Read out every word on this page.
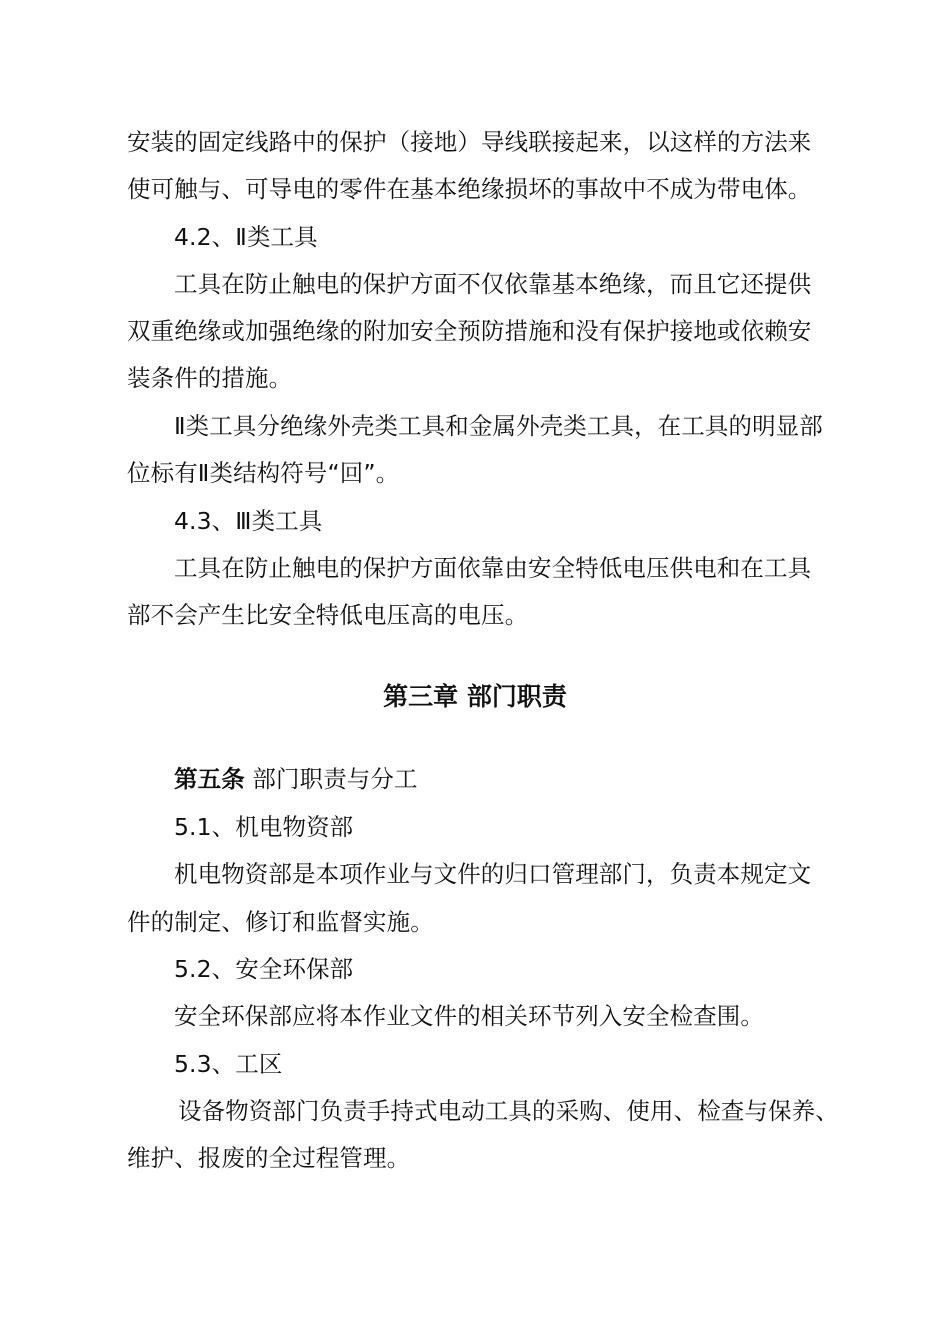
安装的固定线路中的保护（接地）导线联接起来，以这样的方法来
使可触与、可导电的零件在基本绝缘损坏的事故中不成为带电体。
4.2、Ⅱ类工具
工具在防止触电的保护方面不仅依靠基本绝缘，而且它还提供
双重绝缘或加强绝缘的附加安全预防措施和没有保护接地或依赖安
装条件的措施。
Ⅱ类工具分绝缘外壳类工具和金属外壳类工具，在工具的明显部
位标有Ⅱ类结构符号“回”。
4.3、Ⅲ类工具
工具在防止触电的保护方面依靠由安全特低电压供电和在工具
部不会产生比安全特低电压高的电压。
第三章 部门职责
第五条 部门职责与分工
5.1、机电物资部
机电物资部是本项作业与文件的归口管理部门，负责本规定文
件的制定、修订和监督实施。
5.2、安全环保部
安全环保部应将本作业文件的相关环节列入安全检查围。
5.3、工区
设备物资部门负责手持式电动工具的采购、使用、检查与保养、
维护、报废的全过程管理。
